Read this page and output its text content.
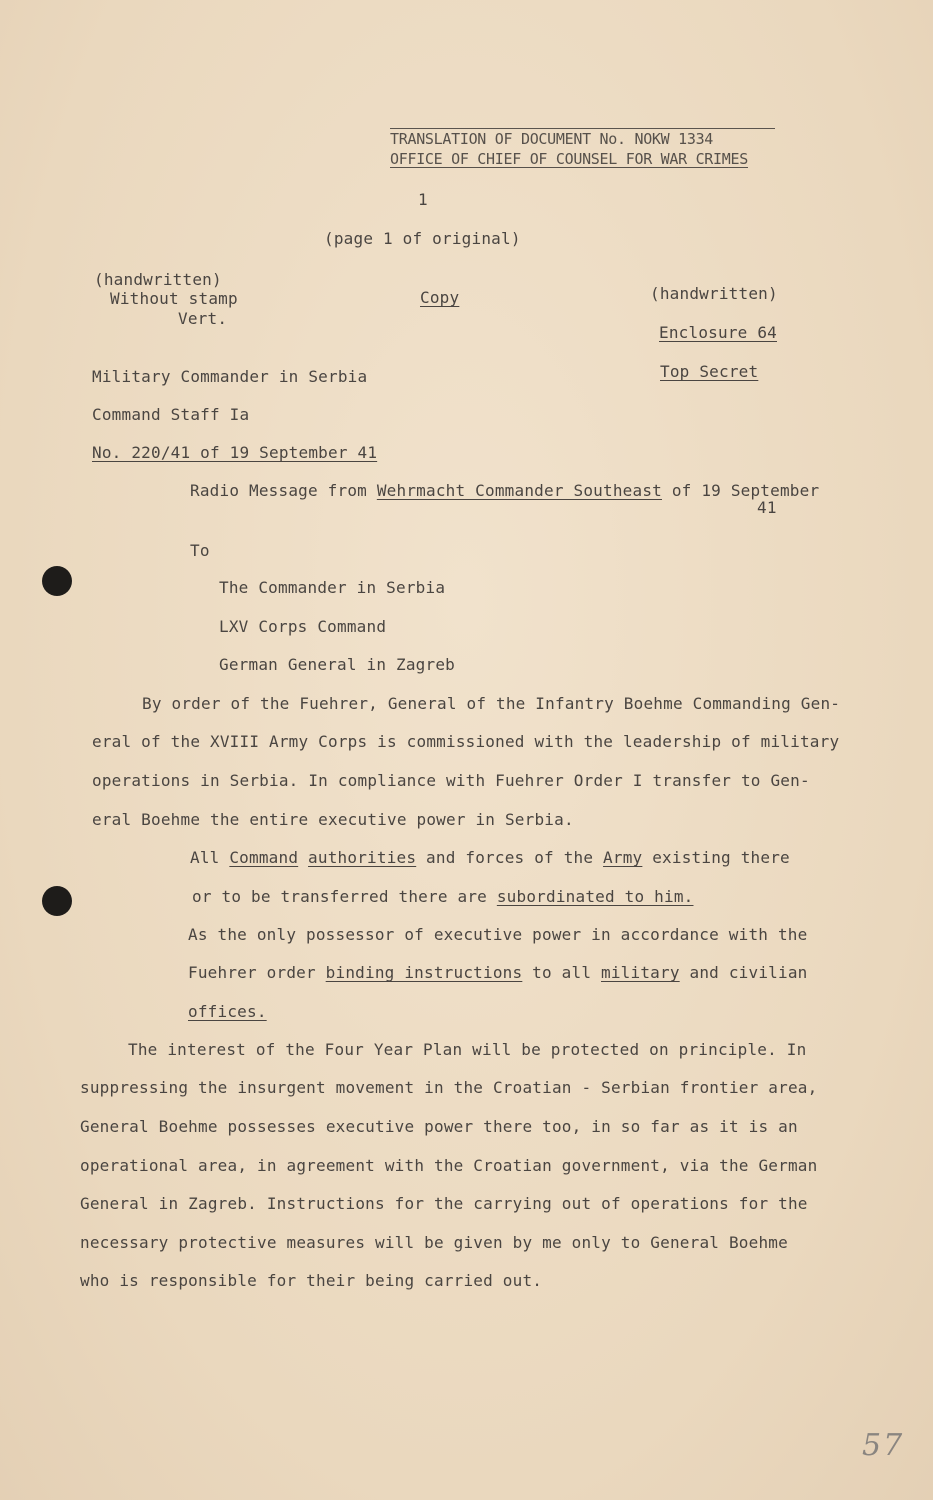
TRANSLATION OF DOCUMENT No. NOKW 1334
OFFICE OF CHIEF OF COUNSEL FOR WAR CRIMES
1
(page 1 of original)
(handwritten)
Without stamp
Vert.
Copy	(handwritten)
Enclosure 64
Top Secret
Military Commander in Serbia
Command Staff Ia
No. 220/41 of 19 September 41
Radio Message from Wehrmacht Commander Southeast of 19 September
41
To
The Commander in Serbia
LXV Corps Command
German General in Zagreb
By order of the Fuehrer, General of the Infantry Boehme Commanding Gen-
eral of the XVIII Army Corps is commissioned with the leadership of military
operations in Serbia. In compliance with Fuehrer Order I transfer to Gen-
eral Boehme the entire executive power in Serbia.
All Command authorities and forces of the Army existing there
or to be transferred there are subordinated to him.
As the only possessor of executive power in accordance with the
Fuehrer order binding instructions to all military and civilian
offices.
The interest of the Four Year Plan will be protected on principle. In
suppressing the insurgent movement in the Croatian - Serbian frontier area,
General Boehme possesses executive power there too, in so far as it is an
operational area, in agreement with the Croatian government, via the German
General in Zagreb. Instructions for the carrying out of operations for the
necessary protective measures will be given by me only to General Boehme
who is responsible for their being carried out.
57
